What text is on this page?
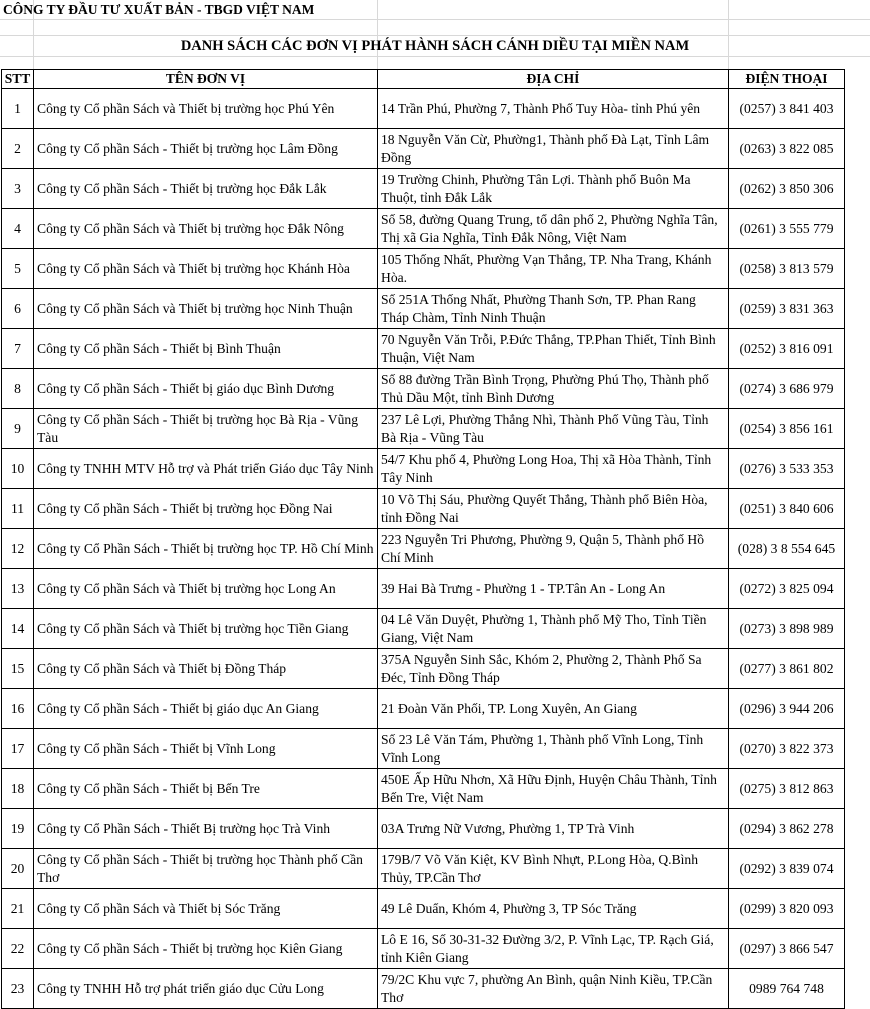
CÔNG TY ĐẦU TƯ XUẤT BẢN - TBGD VIỆT NAM
DANH SÁCH CÁC ĐƠN VỊ PHÁT HÀNH SÁCH CÁNH DIỀU TẠI MIỀN NAM
STT	TÊN ĐƠN VỊ	ĐỊA CHỈ	ĐIỆN THOẠI
1	Công ty Cổ phần Sách và Thiết bị trường học Phú Yên	14 Trần Phú, Phường 7, Thành Phố Tuy Hòa- tỉnh Phú yên	(0257) 3 841 403
2	Công ty Cổ phần Sách - Thiết bị trường học Lâm Đồng	18 Nguyễn Văn Cừ, Phường1, Thành phố Đà Lạt, Tỉnh Lâm Đồng	(0263) 3 822 085
3	Công ty Cổ phần Sách - Thiết bị trường học Đắk Lắk	19 Trường Chinh, Phường Tân Lợi. Thành phố Buôn Ma Thuột, tỉnh Đắk Lắk	(0262) 3 850 306
4	Công ty Cổ phần Sách và Thiết bị trường học Đắk Nông	Số 58, đường Quang Trung, tổ dân phố 2, Phường Nghĩa Tân, Thị xã Gia Nghĩa, Tỉnh Đắk Nông, Việt Nam	(0261) 3 555 779
5	Công ty Cổ phần Sách và Thiết bị trường học Khánh Hòa	105 Thống Nhất, Phường Vạn Thắng, TP. Nha Trang, Khánh Hòa.	(0258) 3 813 579
6	Công ty Cổ phần Sách và Thiết bị trường học Ninh Thuận	Số 251A Thống Nhất, Phường Thanh Sơn, TP. Phan Rang Tháp Chàm, Tỉnh Ninh Thuận	(0259) 3 831 363
7	Công ty Cổ phần Sách - Thiết bị Bình Thuận	70 Nguyễn Văn Trỗi, P.Đức Thắng, TP.Phan Thiết, Tỉnh Bình Thuận, Việt Nam	(0252) 3 816 091
8	Công ty Cổ phần Sách - Thiết bị giáo dục Bình Dương	Số 88 đường Trần Bình Trọng, Phường Phú Thọ, Thành phố Thủ Dầu Một, tỉnh Bình Dương	(0274) 3 686 979
9	Công ty Cổ phần Sách - Thiết bị trường học Bà Rịa - Vũng Tàu	237 Lê Lợi, Phường Thắng Nhì, Thành Phố Vũng Tàu, Tỉnh Bà Rịa - Vũng Tàu	(0254) 3 856 161
10	Công ty TNHH MTV Hỗ trợ và Phát triển Giáo dục Tây Ninh	54/7 Khu phố 4, Phường Long Hoa, Thị xã Hòa Thành, Tỉnh Tây Ninh	(0276) 3 533 353
11	Công ty Cổ phần Sách - Thiết bị trường học Đồng Nai	10 Võ Thị Sáu, Phường Quyết Thắng, Thành phố Biên Hòa, tỉnh Đồng Nai	(0251) 3 840 606
12	Công ty Cổ Phần Sách - Thiết bị trường học TP. Hồ Chí Minh	223 Nguyễn Tri Phương, Phường 9, Quận 5, Thành phố Hồ Chí Minh	(028) 3 8 554 645
13	Công ty Cổ phần Sách và Thiết bị trường học Long An	39 Hai Bà Trưng - Phường 1 - TP.Tân An - Long An	(0272) 3 825 094
14	Công ty Cổ phần Sách và Thiết bị trường học Tiền Giang	04 Lê Văn Duyệt, Phường 1, Thành phố Mỹ Tho, Tỉnh Tiền Giang, Việt Nam	(0273) 3 898 989
15	Công ty Cổ phần Sách và Thiết bị Đồng Tháp	375A Nguyễn Sinh Sắc, Khóm 2, Phường 2, Thành Phố Sa Đéc, Tỉnh Đồng Tháp	(0277) 3 861 802
16	Công ty Cổ phần Sách - Thiết bị giáo dục An Giang	21 Đoàn Văn Phối, TP. Long Xuyên, An Giang	(0296) 3 944 206
17	Công ty Cổ phần Sách - Thiết bị Vĩnh Long	Số 23 Lê Văn Tám, Phường 1, Thành phố Vĩnh Long, Tỉnh Vĩnh Long	(0270) 3 822 373
18	Công ty Cổ phần Sách - Thiết bị Bến Tre	450E Ấp Hữu Nhơn, Xã Hữu Định, Huyện Châu Thành, Tỉnh Bến Tre, Việt Nam	(0275) 3 812 863
19	Công ty Cổ Phần Sách - Thiết Bị trường học Trà Vinh	03A Trưng Nữ Vương, Phường 1, TP Trà Vinh	(0294) 3 862 278
20	Công ty Cổ phần Sách - Thiết bị trường học Thành phố Cần Thơ	179B/7 Võ Văn Kiệt, KV Bình Nhựt, P.Long Hòa, Q.Bình Thủy, TP.Cần Thơ	(0292) 3 839 074
21	Công ty Cổ phần Sách và Thiết bị Sóc Trăng	49 Lê Duẩn, Khóm 4, Phường 3, TP Sóc Trăng	(0299) 3 820 093
22	Công ty Cổ phần Sách - Thiết bị trường học Kiên Giang	Lô E 16, Số 30-31-32 Đường 3/2, P. Vĩnh Lạc, TP. Rạch Giá, tỉnh Kiên Giang	(0297) 3 866 547
23	Công ty TNHH Hỗ trợ phát triển giáo dục Cửu Long	79/2C Khu vực 7, phường An Bình, quận Ninh Kiều, TP.Cần Thơ	0989 764 748
